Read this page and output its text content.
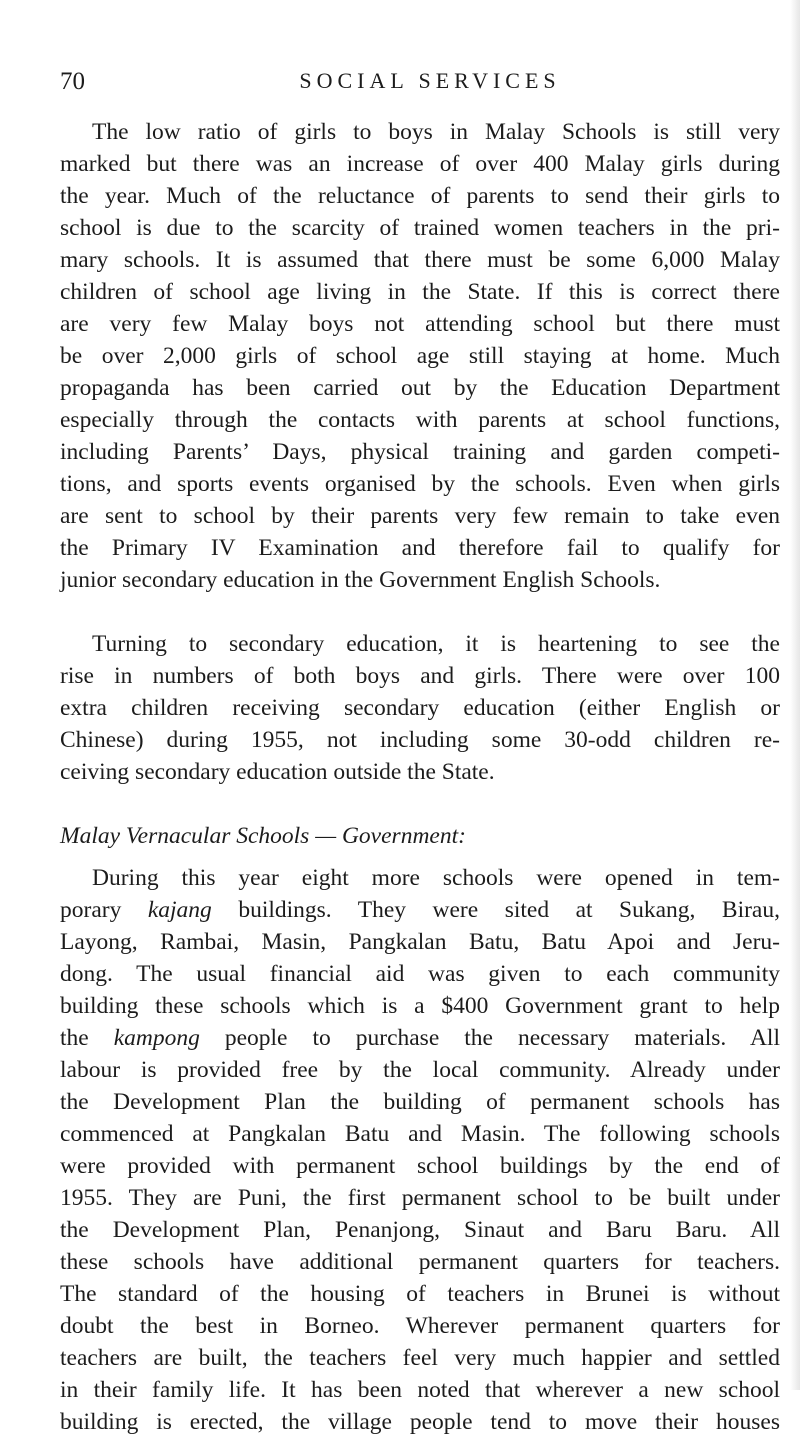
70	SOCIAL SERVICES
The low ratio of girls to boys in Malay Schools is still very
marked but there was an increase of over 400 Malay girls during
the year. Much of the reluctance of parents to send their girls to
school is due to the scarcity of trained women teachers in the pri-
mary schools. It is assumed that there must be some 6,000 Malay
children of school age living in the State. If this is correct there
are very few Malay boys not attending school but there must
be over 2,000 girls of school age still staying at home. Much
propaganda has been carried out by the Education Department
especially through the contacts with parents at school functions,
including Parents’ Days, physical training and garden competi-
tions, and sports events organised by the schools. Even when girls
are sent to school by their parents very few remain to take even
the Primary IV Examination and therefore fail to qualify for
junior secondary education in the Government English Schools.
Turning to secondary education, it is heartening to see the
rise in numbers of both boys and girls. There were over 100
extra children receiving secondary education (either English or
Chinese) during 1955, not including some 30-odd children re-
ceiving secondary education outside the State.
Malay Vernacular Schools — Government:
During this year eight more schools were opened in tem-
porary kajang buildings. They were sited at Sukang, Birau,
Layong, Rambai, Masin, Pangkalan Batu, Batu Apoi and Jeru-
dong. The usual financial aid was given to each community
building these schools which is a $400 Government grant to help
the kampong people to purchase the necessary materials. All
labour is provided free by the local community. Already under
the Development Plan the building of permanent schools has
commenced at Pangkalan Batu and Masin. The following schools
were provided with permanent school buildings by the end of
1955. They are Puni, the first permanent school to be built under
the Development Plan, Penanjong, Sinaut and Baru Baru. All
these schools have additional permanent quarters for teachers.
The standard of the housing of teachers in Brunei is without
doubt the best in Borneo. Wherever permanent quarters for
teachers are built, the teachers feel very much happier and settled
in their family life. It has been noted that wherever a new school
building is erected, the village people tend to move their houses
